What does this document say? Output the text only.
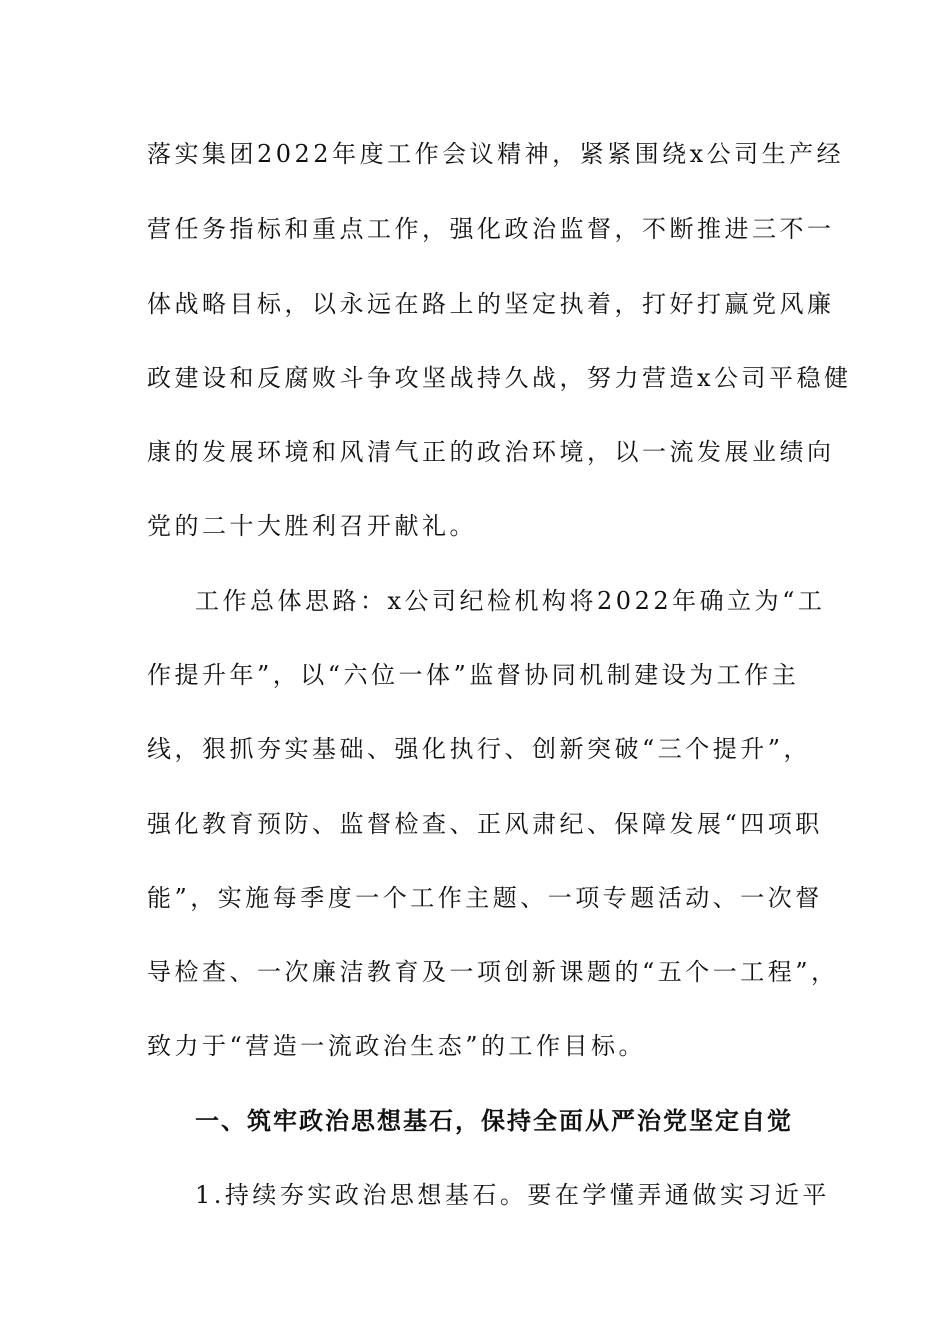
落实集团2022年度工作会议精神，紧紧围绕x公司生产经
营任务指标和重点工作，强化政治监督，不断推进三不一
体战略目标，以永远在路上的坚定执着，打好打赢党风廉
政建设和反腐败斗争攻坚战持久战，努力营造x公司平稳健
康的发展环境和风清气正的政治环境，以一流发展业绩向
党的二十大胜利召开献礼。
工作总体思路：x公司纪检机构将2022年确立为“工
作提升年”，以“六位一体”监督协同机制建设为工作主
线，狠抓夯实基础、强化执行、创新突破“三个提升”，
强化教育预防、监督检查、正风肃纪、保障发展“四项职
能”，实施每季度一个工作主题、一项专题活动、一次督
导检查、一次廉洁教育及一项创新课题的“五个一工程”，
致力于“营造一流政治生态”的工作目标。
一、筑牢政治思想基石，保持全面从严治党坚定自觉
1.持续夯实政治思想基石。要在学懂弄通做实习近平
